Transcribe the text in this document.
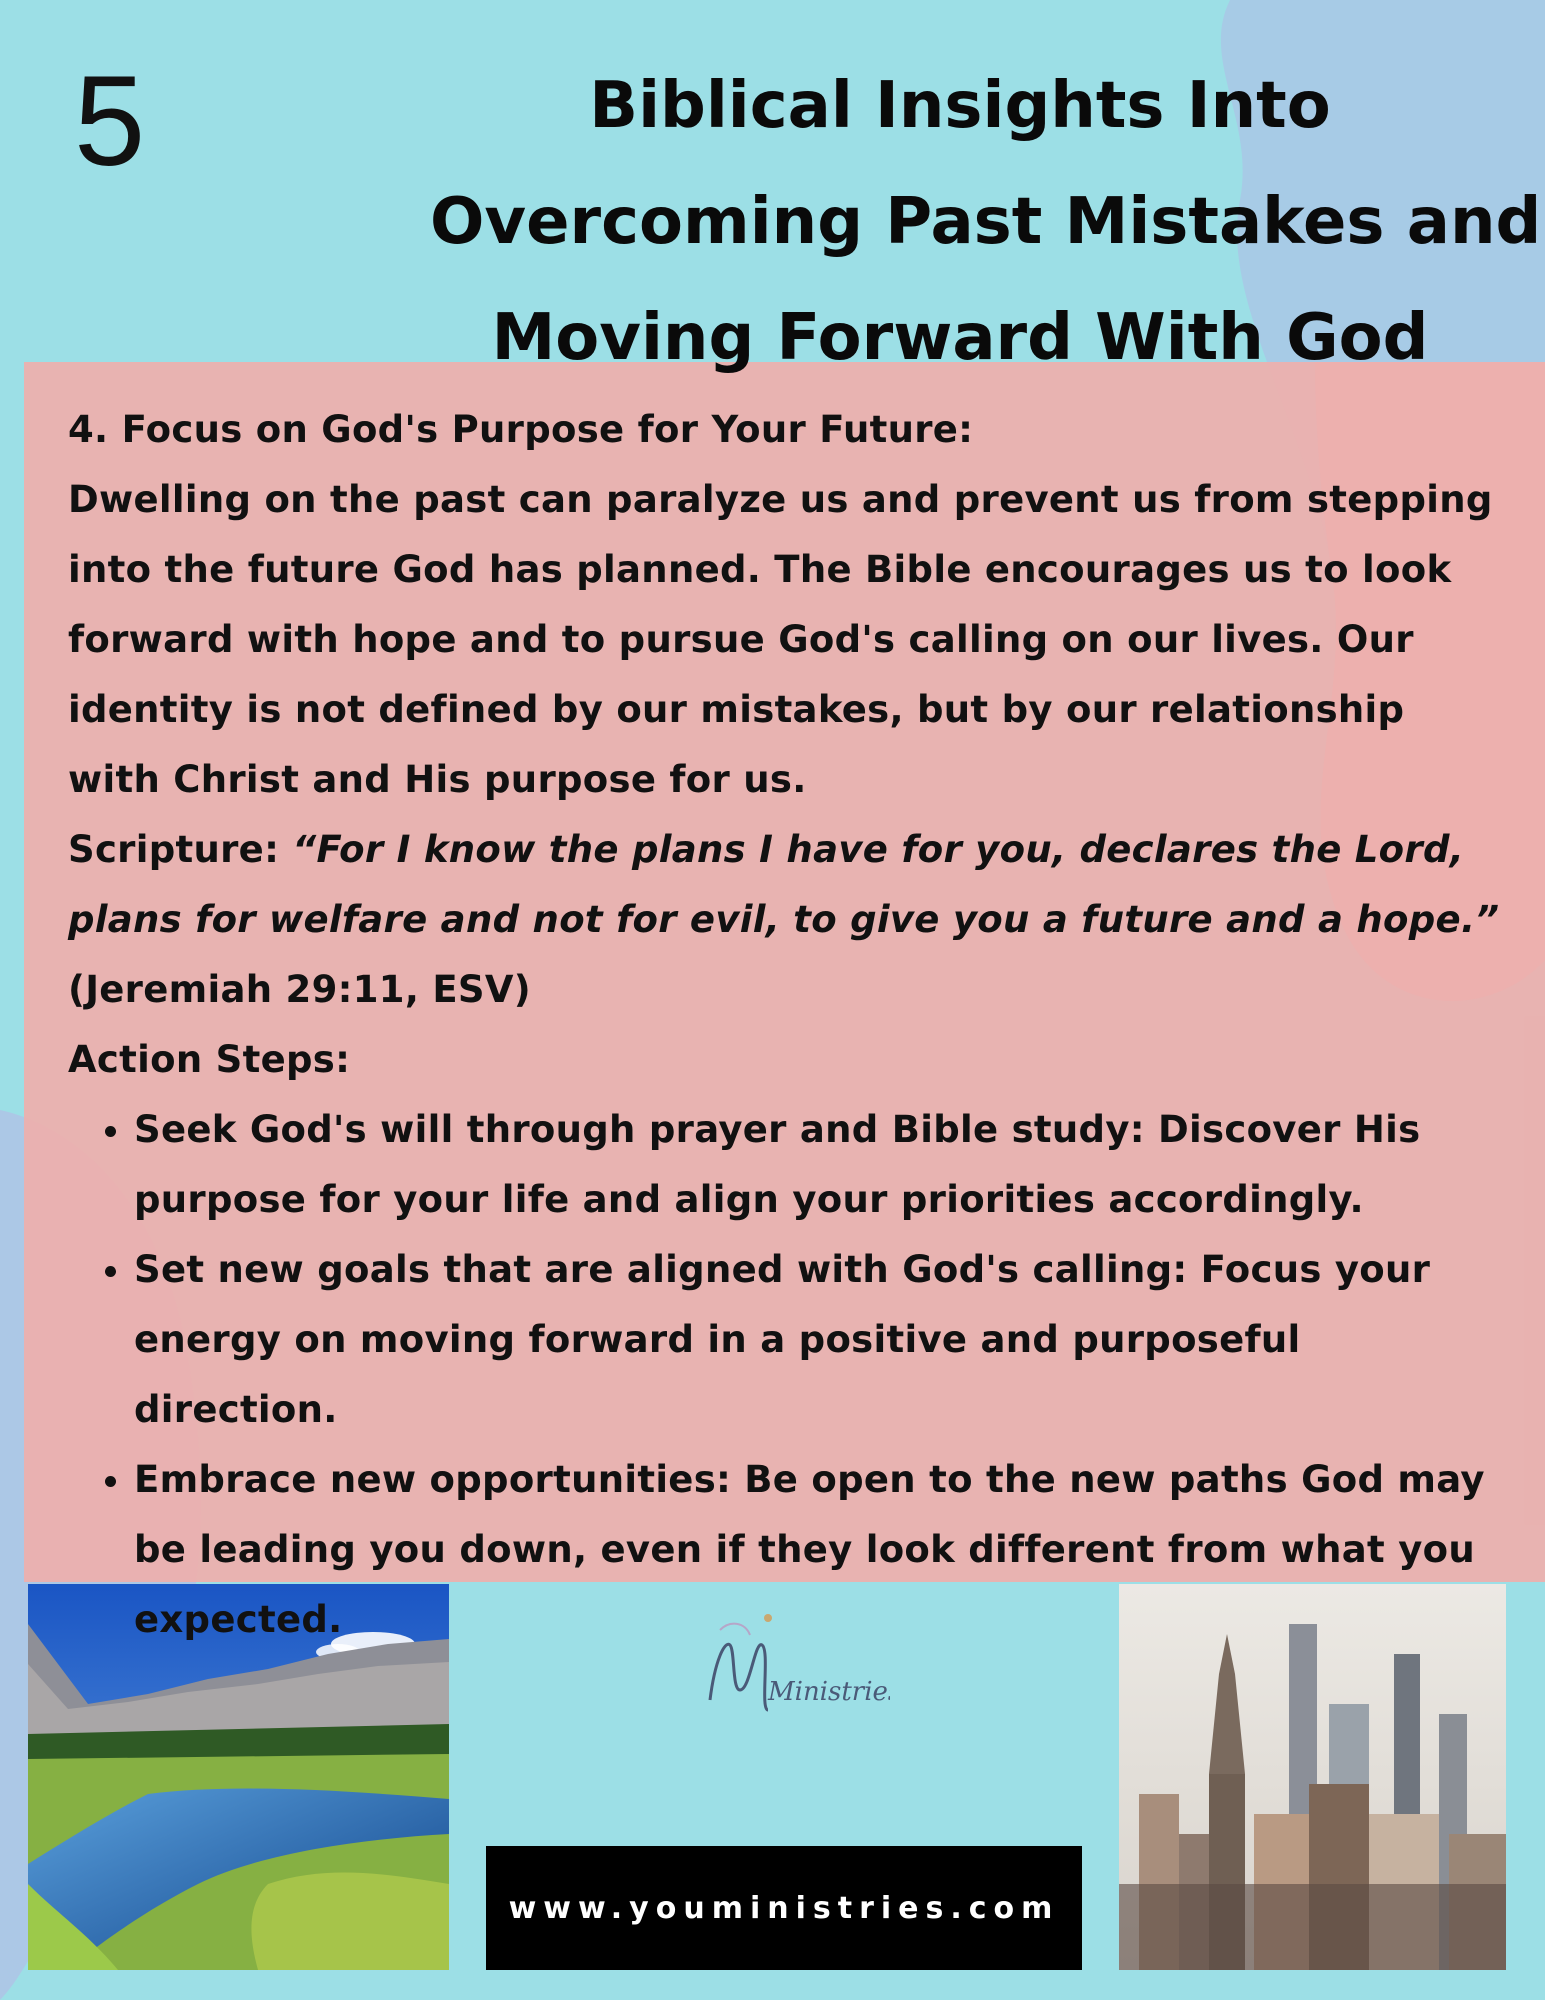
5	Biblical Insights Into
Overcoming Past Mistakes and
Moving Forward With God

4. Focus on God's Purpose for Your Future:

Dwelling on the past can paralyze us and prevent us from stepping into the future God has planned. The Bible encourages us to look forward with hope and to pursue God's calling on our lives. Our identity is not defined by our mistakes, but by our relationship with Christ and His purpose for us.

Scripture: “For I know the plans I have for you, declares the Lord, plans for welfare and not for evil, to give you a future and a hope.”

(Jeremiah 29:11, ESV)

Action Steps:

• Seek God's will through prayer and Bible study: Discover His purpose for your life and align your priorities accordingly.
• Set new goals that are aligned with God's calling: Focus your energy on moving forward in a positive and purposeful direction.
• Embrace new opportunities: Be open to the new paths God may be leading you down, even if they look different from what you expected.
Ministries
www.youministries.com
